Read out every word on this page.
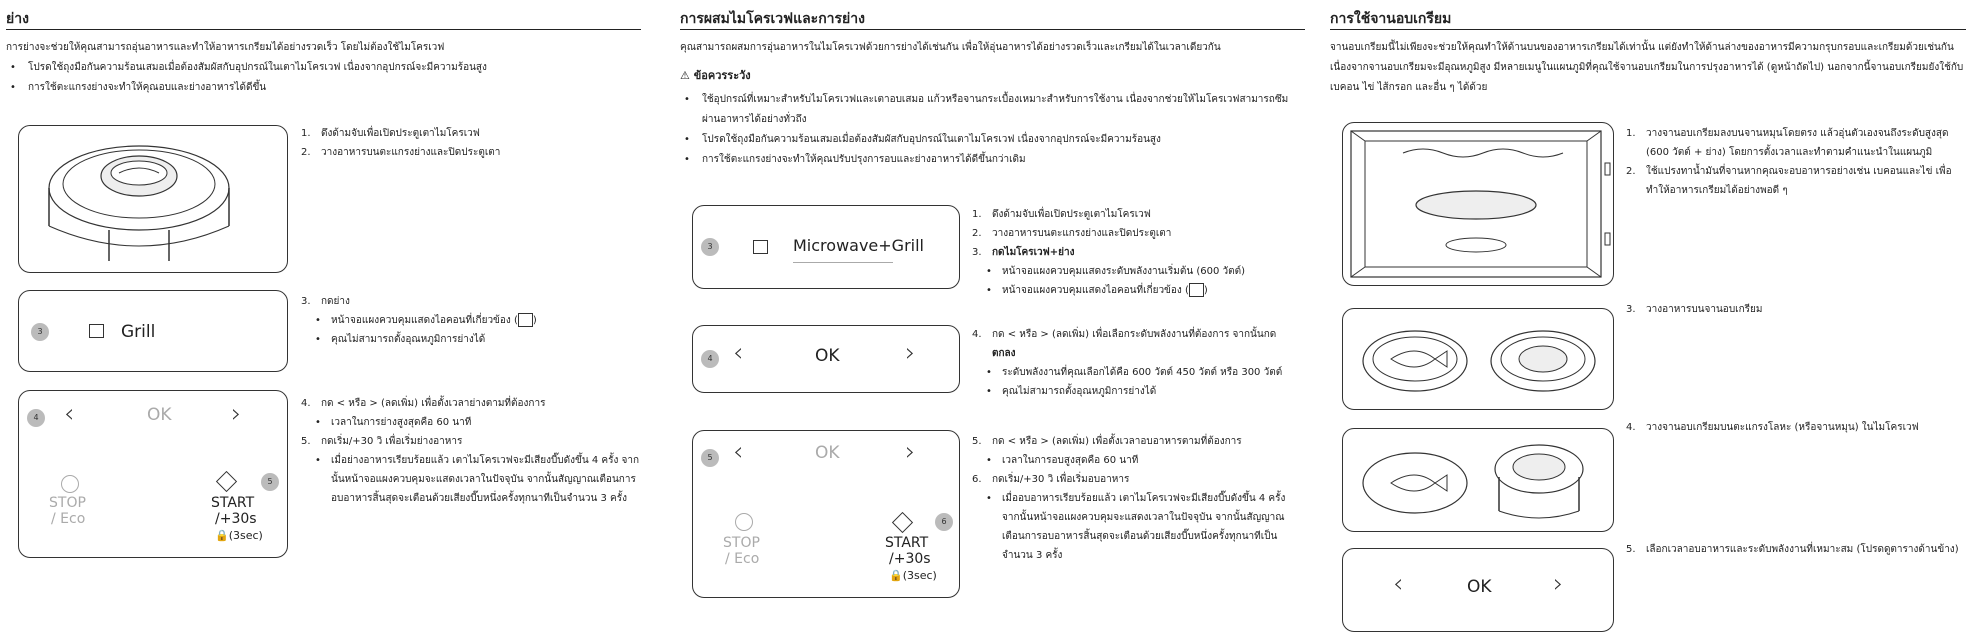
ย่าง
การย่างจะช่วยให้คุณสามารถอุ่นอาหารและทำให้อาหารเกรียมได้อย่างรวดเร็ว โดยไม่ต้องใช้ไมโครเวฟ
• โปรดใช้ถุงมือกันความร้อนเสมอเมื่อต้องสัมผัสกับอุปกรณ์ในเตาไมโครเวฟ เนื่องจากอุปกรณ์จะมีความร้อนสูง
• การใช้ตะแกรงย่างจะทำให้คุณอบและย่างอาหารได้ดีขึ้น
1. ดึงด้ามจับเพื่อเปิดประตูเตาไมโครเวฟ
2. วางอาหารบนตะแกรงย่างและปิดประตูเตา
3	Grill
3. กดย่าง
• หน้าจอแผงควบคุมแสดงไอคอนที่เกี่ยวข้อง ( )
• คุณไม่สามารถตั้งอุณหภูมิการย่างได้
4 ‹	OK ›
STOP
/ Eco
5
START
/+30s
🔒(3sec)
4. กด < หรือ > (ลดเพิ่ม) เพื่อตั้งเวลาย่างตามที่ต้องการ
• เวลาในการย่างสูงสุดคือ 60 นาที
5. กดเริ่ม/+30 วิ เพื่อเริ่มย่างอาหาร
• เมื่อย่างอาหารเรียบร้อยแล้ว เตาไมโครเวฟจะมีเสียงบี๊บดังขึ้น 4 ครั้ง จากนั้นหน้าจอแผงควบคุมจะแสดงเวลาในปัจจุบัน จากนั้นสัญญาณเตือนการอบอาหารสิ้นสุดจะเตือนด้วยเสียงบี๊บหนึ่งครั้งทุกนาทีเป็นจำนวน 3 ครั้ง
การผสมไมโครเวฟและการย่าง
คุณสามารถผสมการอุ่นอาหารในไมโครเวฟด้วยการย่างได้เช่นกัน เพื่อให้อุ่นอาหารได้อย่างรวดเร็วและเกรียมได้ในเวลาเดียวกัน
⚠ ข้อควรระวัง
• ใช้อุปกรณ์ที่เหมาะสำหรับไมโครเวฟและเตาอบเสมอ แก้วหรือจานกระเบื้องเหมาะสำหรับการใช้งาน เนื่องจากช่วยให้ไมโครเวฟสามารถซึมผ่านอาหารได้อย่างทั่วถึง
• โปรดใช้ถุงมือกันความร้อนเสมอเมื่อต้องสัมผัสกับอุปกรณ์ในเตาไมโครเวฟ เนื่องจากอุปกรณ์จะมีความร้อนสูง
• การใช้ตะแกรงย่างจะทำให้คุณปรับปรุงการอบและย่างอาหารได้ดีขึ้นกว่าเดิม
3	Microwave+Grill
1. ดึงด้ามจับเพื่อเปิดประตูเตาไมโครเวฟ
2. วางอาหารบนตะแกรงย่างและปิดประตูเตา
3. กดไมโครเวฟ+ย่าง
• หน้าจอแผงควบคุมแสดงระดับพลังงานเริ่มต้น (600 วัตต์)
• หน้าจอแผงควบคุมแสดงไอคอนที่เกี่ยวข้อง ( )
4 ‹	OK	›
4. กด < หรือ > (ลดเพิ่ม) เพื่อเลือกระดับพลังงานที่ต้องการ จากนั้นกด
ตกลง
• ระดับพลังงานที่คุณเลือกได้คือ 600 วัตต์ 450 วัตต์ หรือ 300 วัตต์
• คุณไม่สามารถตั้งอุณหภูมิการย่างได้
5 ‹	OK	›
STOP
/ Eco
6
START
/+30s
🔒(3sec)
5. กด < หรือ > (ลดเพิ่ม) เพื่อตั้งเวลาอบอาหารตามที่ต้องการ
• เวลาในการอบสูงสุดคือ 60 นาที
6. กดเริ่ม/+30 วิ เพื่อเริ่มอบอาหาร
• เมื่ออบอาหารเรียบร้อยแล้ว เตาไมโครเวฟจะมีเสียงบี๊บดังขึ้น 4 ครั้ง จากนั้นหน้าจอแผงควบคุมจะแสดงเวลาในปัจจุบัน จากนั้นสัญญาณเตือนการอบอาหารสิ้นสุดจะเตือนด้วยเสียงบี๊บหนึ่งครั้งทุกนาทีเป็นจำนวน 3 ครั้ง
การใช้จานอบเกรียม
จานอบเกรียมนี้ไม่เพียงจะช่วยให้คุณทำให้ด้านบนของอาหารเกรียมได้เท่านั้น แต่ยังทำให้ด้านล่างของอาหารมีความกรุบกรอบและเกรียมด้วยเช่นกัน เนื่องจากจานอบเกรียมจะมีอุณหภูมิสูง มีหลายเมนูในแผนภูมิที่คุณใช้จานอบเกรียมในการปรุงอาหารได้ (ดูหน้าถัดไป) นอกจากนี้จานอบเกรียมยังใช้กับเบคอน ไข่ ไส้กรอก และอื่น ๆ ได้ด้วย
1. วางจานอบเกรียมลงบนจานหมุนโดยตรง แล้วอุ่นตัวเองจนถึงระดับสูงสุด (600 วัตต์ + ย่าง) โดยการตั้งเวลาและทำตามคำแนะนำในแผนภูมิ
2. ใช้แปรงทาน้ำมันที่จานหากคุณจะอบอาหารอย่างเช่น เบคอนและไข่ เพื่อทำให้อาหารเกรียมได้อย่างพอดี ๆ
3. วางอาหารบนจานอบเกรียม
4. วางจานอบเกรียมบนตะแกรงโลหะ (หรือจานหมุน) ในไมโครเวฟ
‹	OK ›
5. เลือกเวลาอบอาหารและระดับพลังงานที่เหมาะสม (โปรดดูตารางด้านข้าง)
